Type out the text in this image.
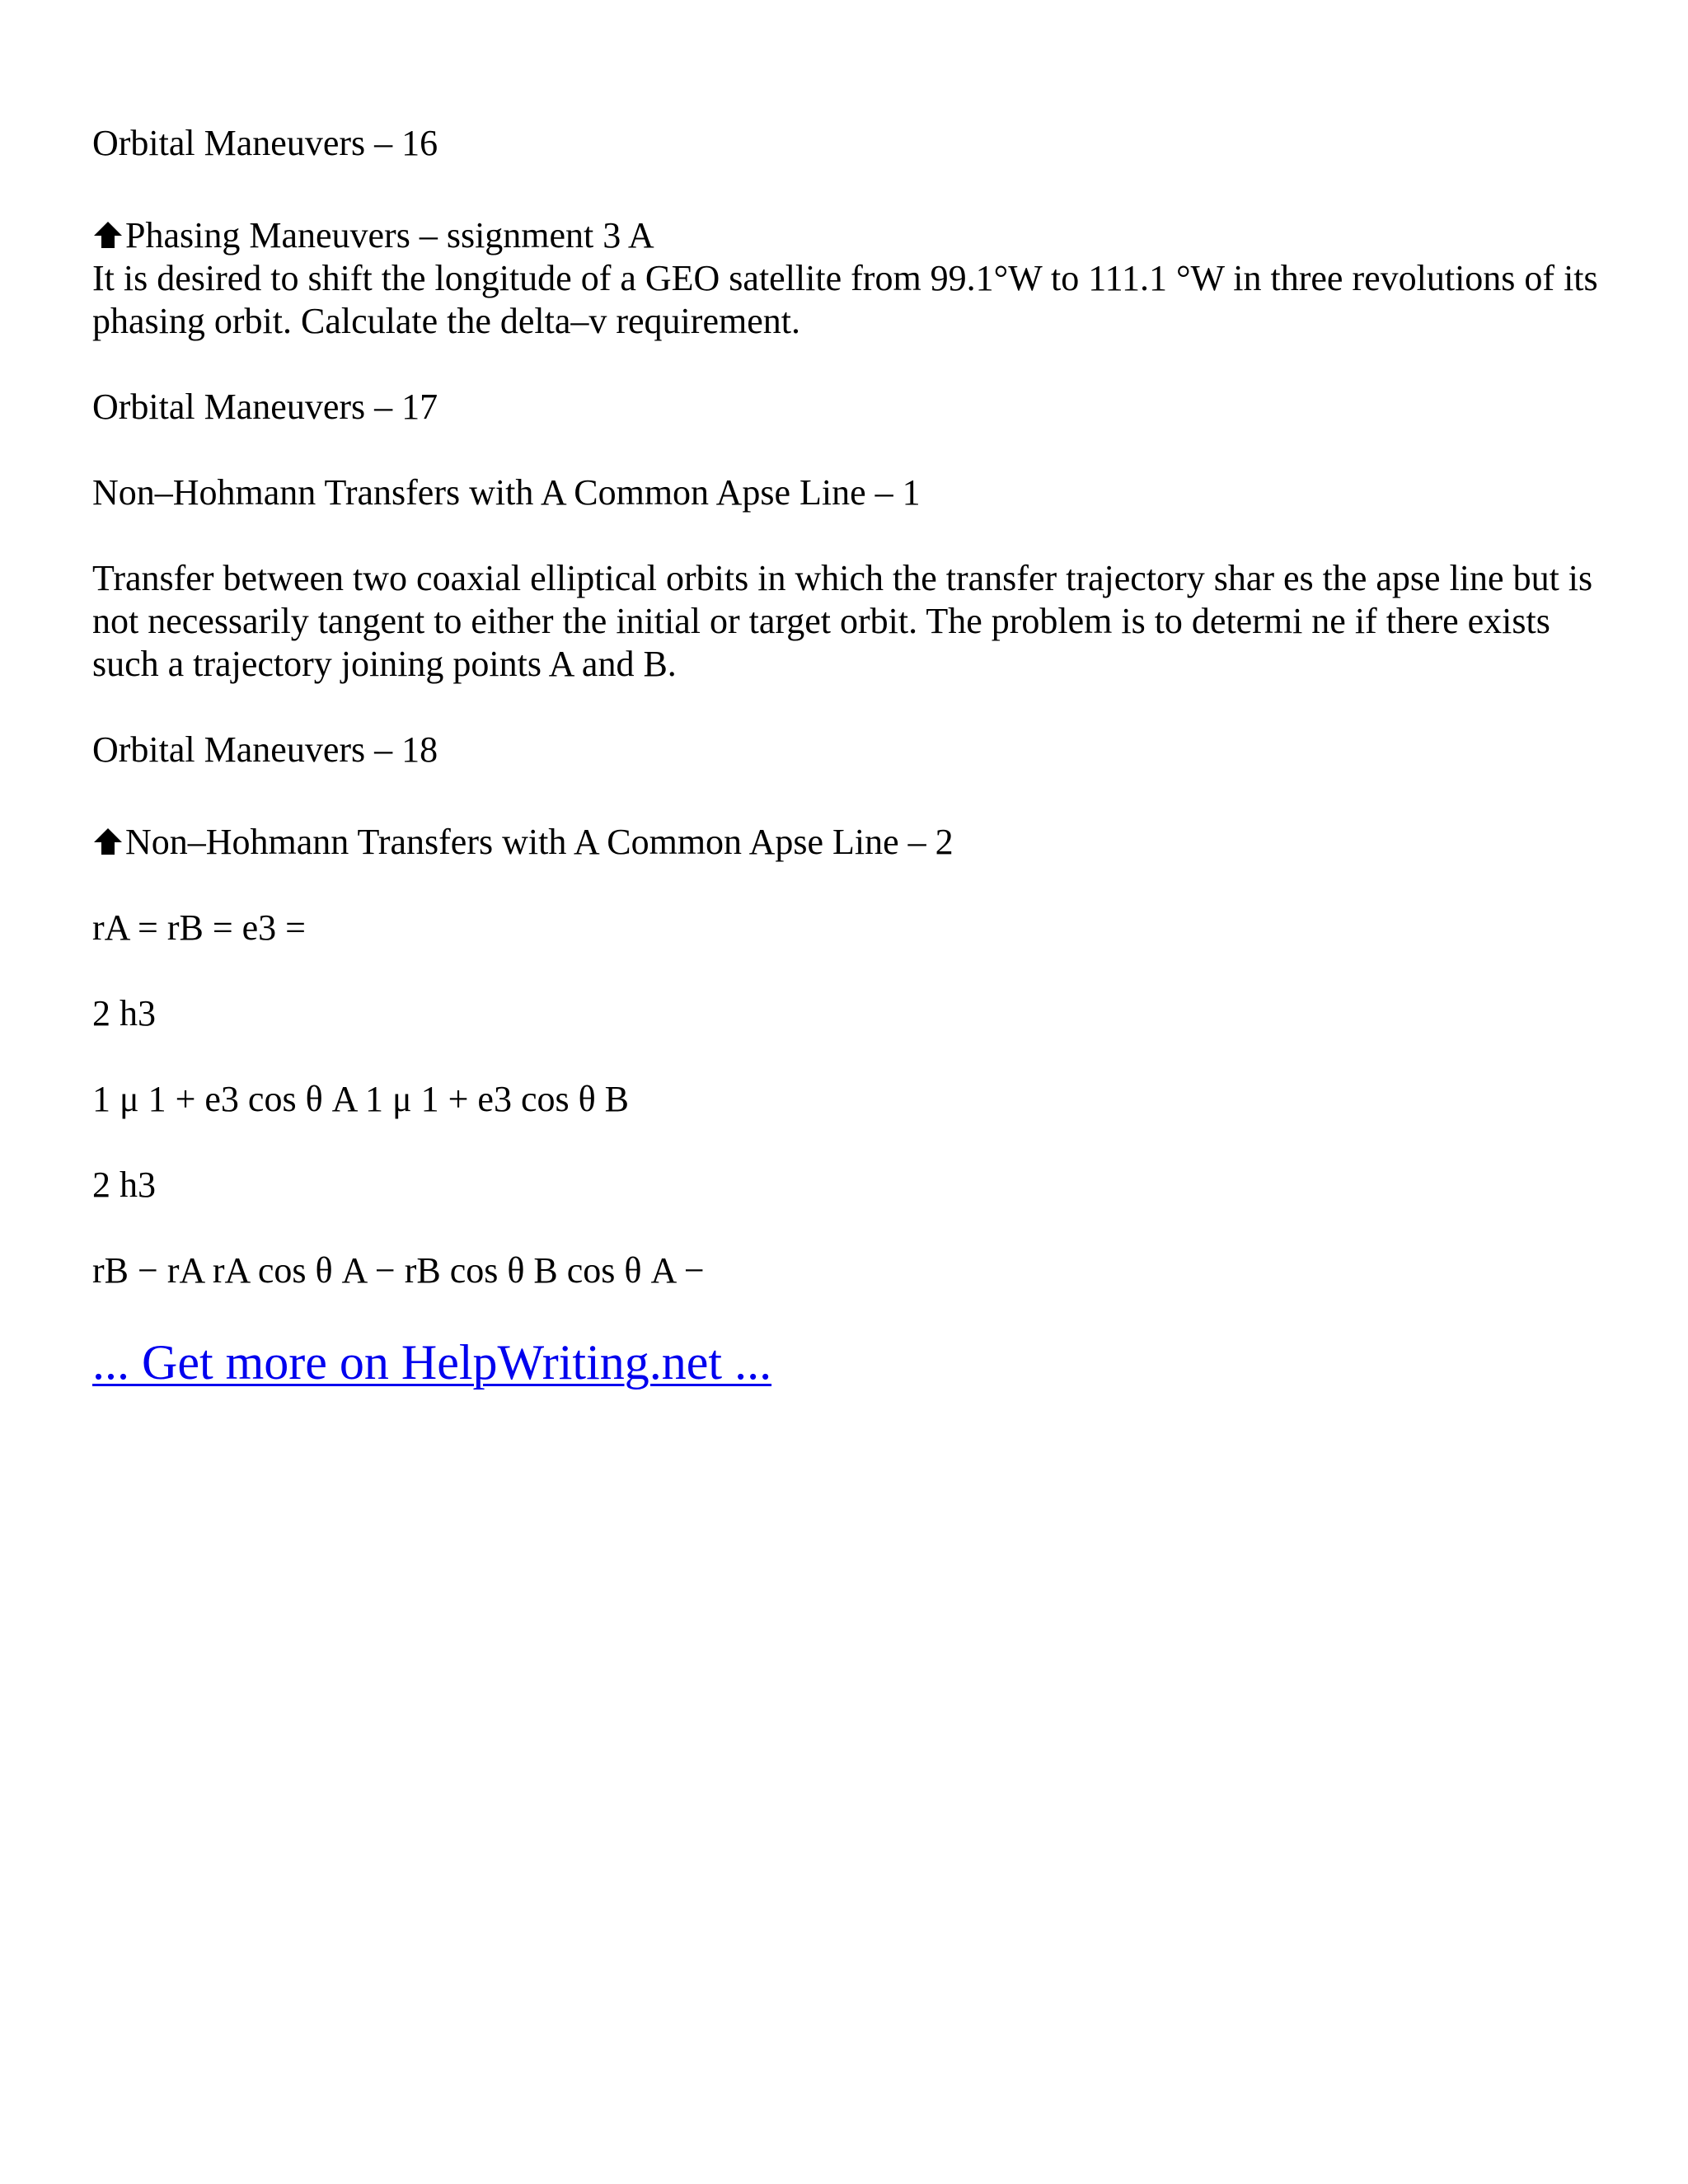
Orbital Maneuvers – 16
Phasing Maneuvers – ssignment 3 A
It is desired to shift the longitude of a GEO satellite from 99.1°W to 111.1 °W in three revolutions of its phasing orbit. Calculate the delta–v requirement.
Orbital Maneuvers – 17
Non–Hohmann Transfers with A Common Apse Line – 1
Transfer between two coaxial elliptical orbits in which the transfer trajectory shar es the apse line but is not necessarily tangent to either the initial or target orbit. The problem is to determi ne if there exists such a trajectory joining points A and B.
Orbital Maneuvers – 18
Non–Hohmann Transfers with A Common Apse Line – 2
rA = rB = e3 =
2 h3
1 μ 1 + e3 cos θ A 1 μ 1 + e3 cos θ B
2 h3
rB − rA rA cos θ A − rB cos θ B cos θ A −
... Get more on HelpWriting.net ...
